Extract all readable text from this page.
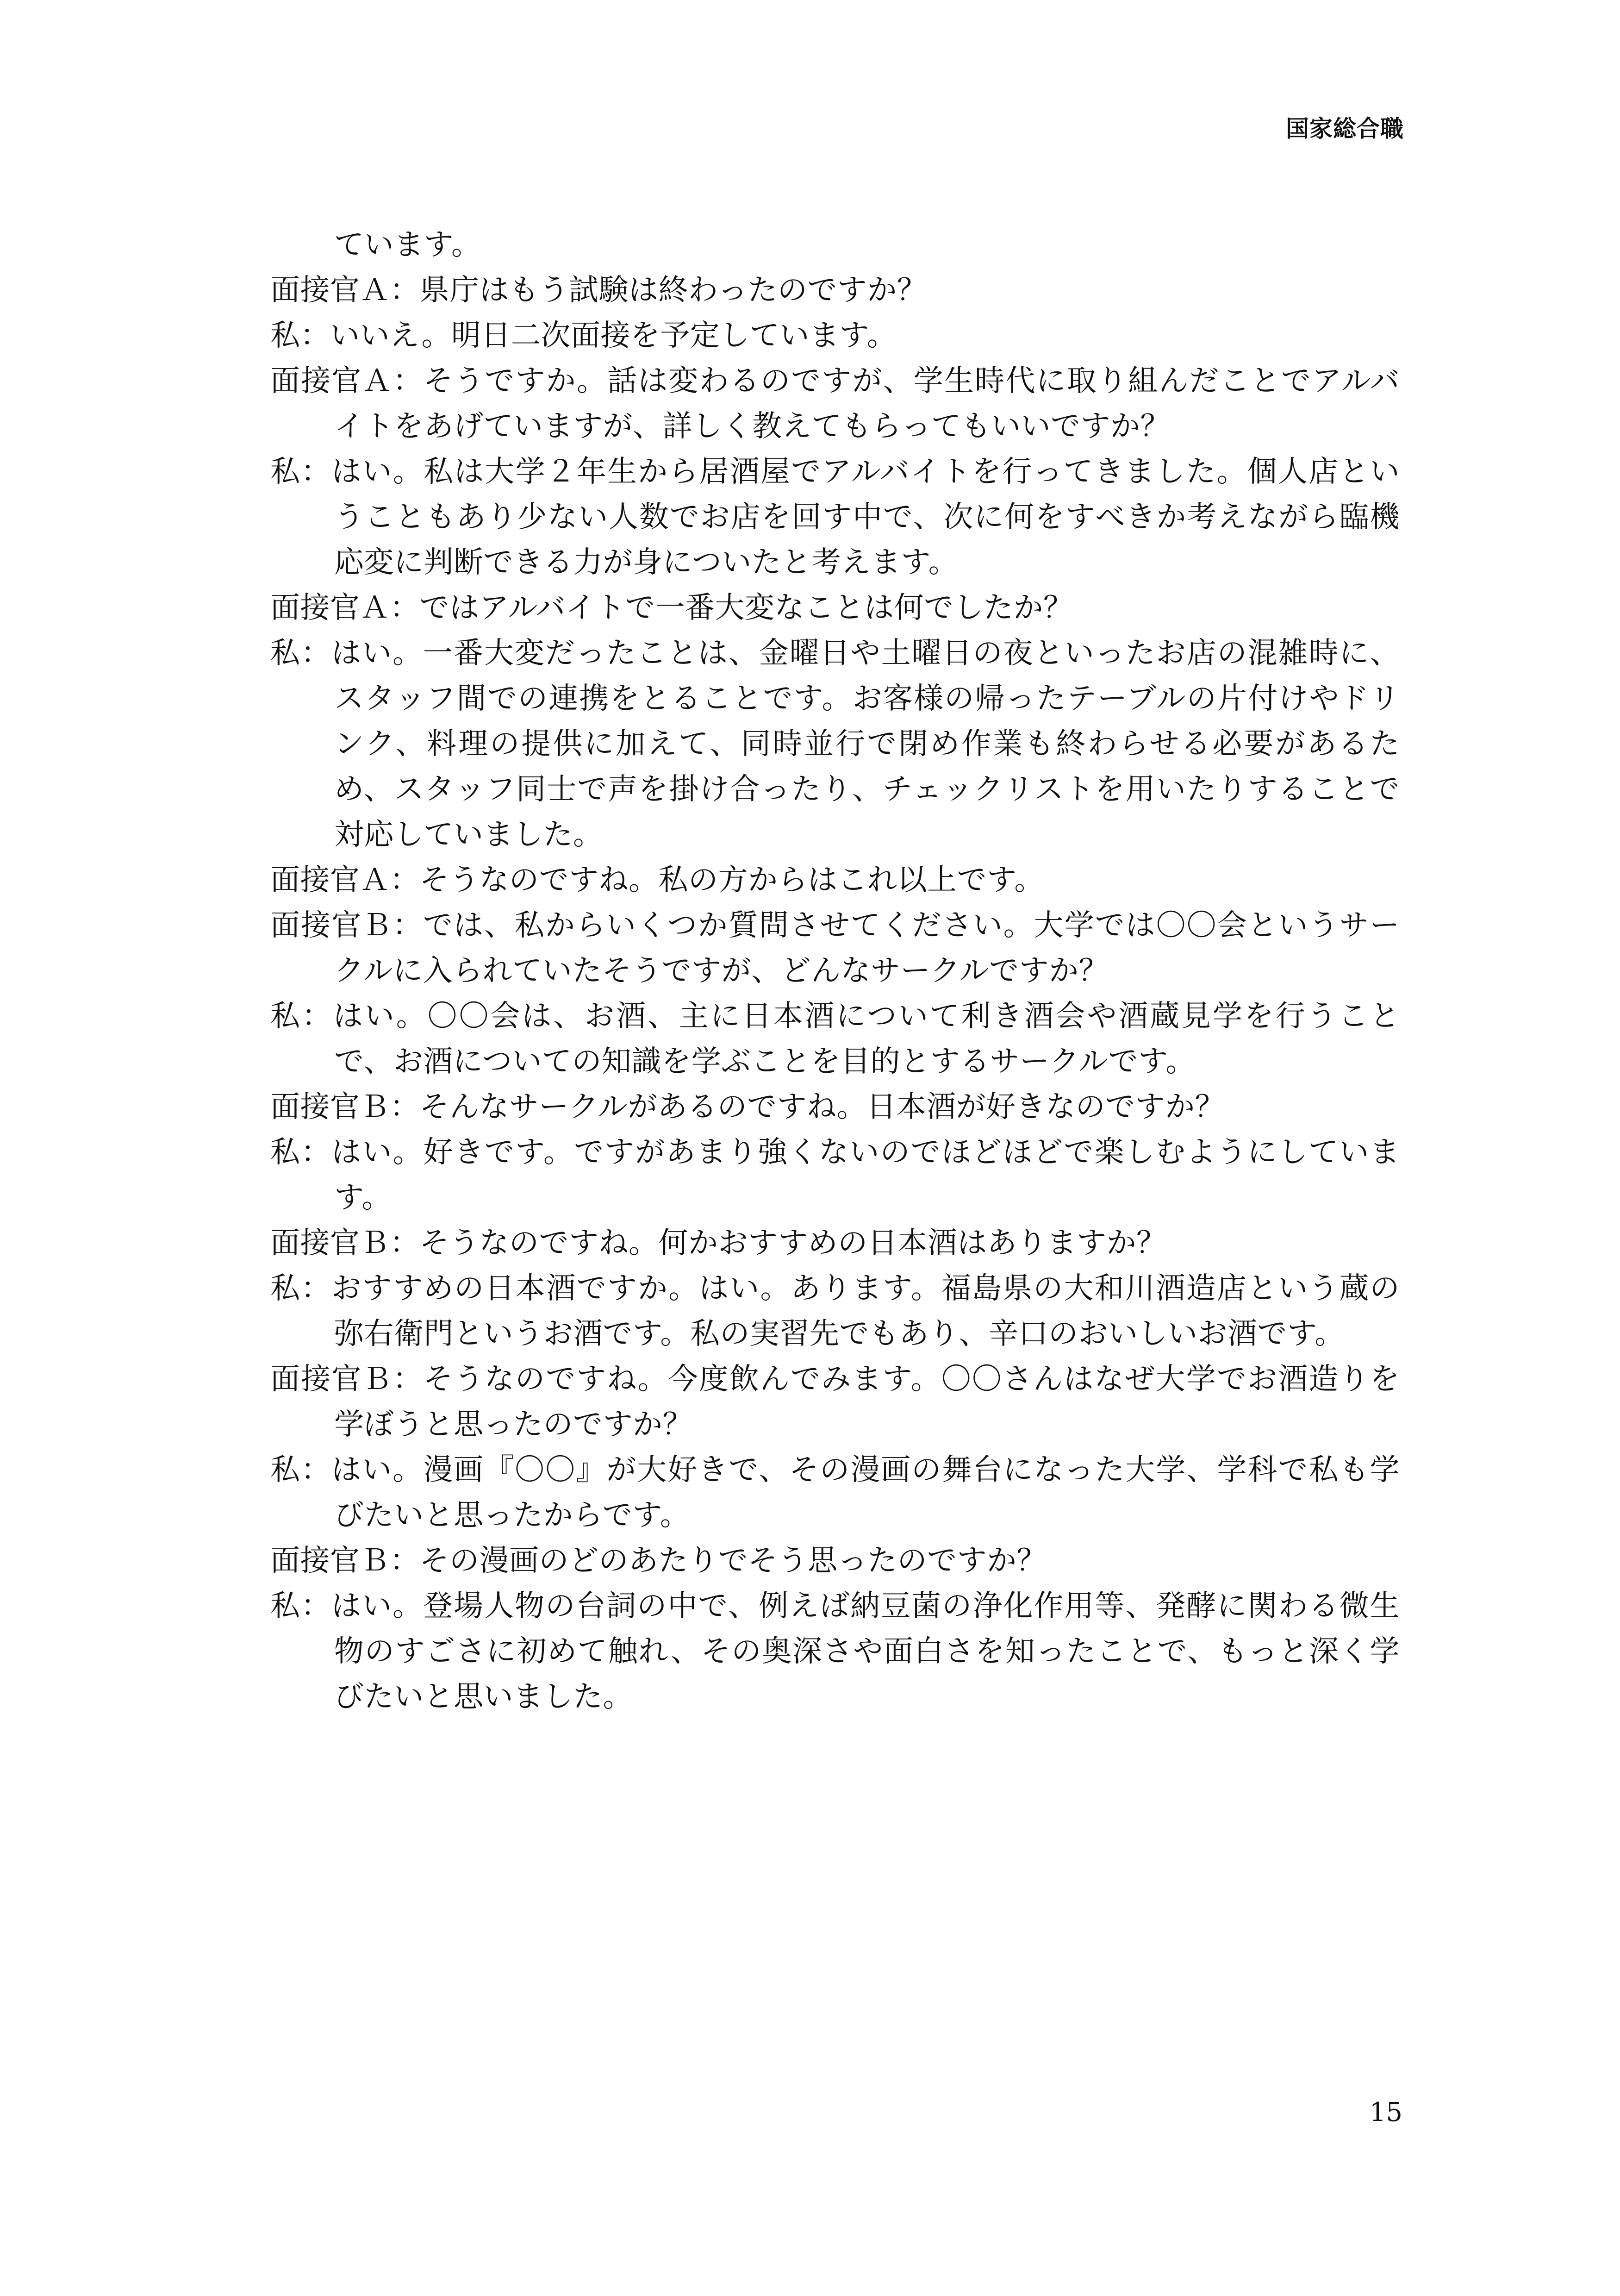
国家総合職

ています。

面接官Ａ：県庁はもう試験は終わったのですか？

私：いいえ。明日二次面接を予定しています。

面接官Ａ：そうですか。話は変わるのですが、学生時代に取り組んだことでアルバイトをあげていますが、詳しく教えてもらってもいいですか？

私：はい。私は大学２年生から居酒屋でアルバイトを行ってきました。個人店ということもあり少ない人数でお店を回す中で、次に何をすべきか考えながら臨機応変に判断できる力が身についたと考えます。

面接官Ａ：ではアルバイトで一番大変なことは何でしたか？

私：はい。一番大変だったことは、金曜日や土曜日の夜といったお店の混雑時に、スタッフ間での連携をとることです。お客様の帰ったテーブルの片付けやドリンク、料理の提供に加えて、同時並行で閉め作業も終わらせる必要があるため、スタッフ同士で声を掛け合ったり、チェックリストを用いたりすることで対応していました。

面接官Ａ：そうなのですね。私の方からはこれ以上です。

面接官Ｂ：では、私からいくつか質問させてください。大学では〇〇会というサークルに入られていたそうですが、どんなサークルですか？

私：はい。〇〇会は、お酒、主に日本酒について利き酒会や酒蔵見学を行うことで、お酒についての知識を学ぶことを目的とするサークルです。

面接官Ｂ：そんなサークルがあるのですね。日本酒が好きなのですか？

私：はい。好きです。ですがあまり強くないのでほどほどで楽しむようにしています。

面接官Ｂ：そうなのですね。何かおすすめの日本酒はありますか？

私：おすすめの日本酒ですか。はい。あります。福島県の大和川酒造店という蔵の弥右衛門というお酒です。私の実習先でもあり、辛口のおいしいお酒です。

面接官Ｂ：そうなのですね。今度飲んでみます。〇〇さんはなぜ大学でお酒造りを学ぼうと思ったのですか？

私：はい。漫画『〇〇』が大好きで、その漫画の舞台になった大学、学科で私も学びたいと思ったからです。

面接官Ｂ：その漫画のどのあたりでそう思ったのですか？

私：はい。登場人物の台詞の中で、例えば納豆菌の浄化作用等、発酵に関わる微生物のすごさに初めて触れ、その奥深さや面白さを知ったことで、もっと深く学びたいと思いました。

15
